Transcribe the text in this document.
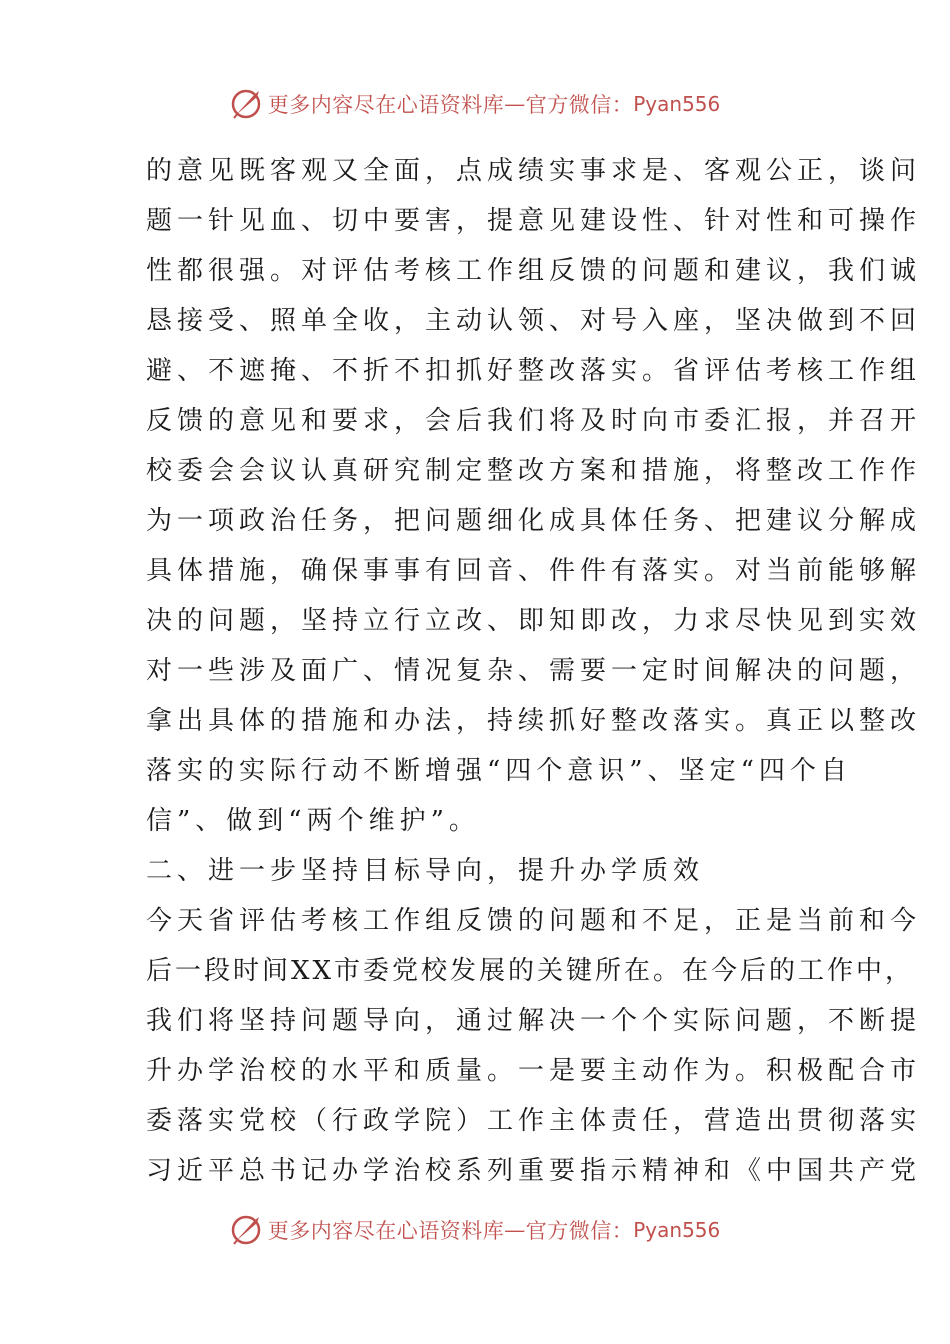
更多内容尽在心语资料库 — 官方微信： Pyan556
的意见既客观又全面，点成绩实事求是、客观公正，谈问
题一针见血、切中要害，提意见建设性、针对性和可操作
性都很强。对评估考核工作组反馈的问题和建议，我们诚
恳接受、照单全收，主动认领、对号入座，坚决做到不回
避、不遮掩、不折不扣抓好整改落实。省评估考核工作组
反馈的意见和要求，会后我们将及时向市委汇报，并召开
校委会会议认真研究制定整改方案和措施，将整改工作作
为一项政治任务，把问题细化成具体任务、把建议分解成
具体措施，确保事事有回音、件件有落实。对当前能够解
决的问题，坚持立行立改、即知即改，力求尽快见到实效
对一些涉及面广、情况复杂、需要一定时间解决的问题，
拿出具体的措施和办法，持续抓好整改落实。真正以整改
落实的实际行动不断增强“四个意识”、坚定“四个自
信”、做到“两个维护”。
二、进一步坚持目标导向，提升办学质效
今天省评估考核工作组反馈的问题和不足，正是当前和今
后一段时间XX市委党校发展的关键所在。在今后的工作中，
我们将坚持问题导向，通过解决一个个实际问题，不断提
升办学治校的水平和质量。一是要主动作为。积极配合市
委落实党校（行政学院）工作主体责任，营造出贯彻落实
习近平总书记办学治校系列重要指示精神和《中国共产党
更多内容尽在心语资料库 — 官方微信： Pyan556
